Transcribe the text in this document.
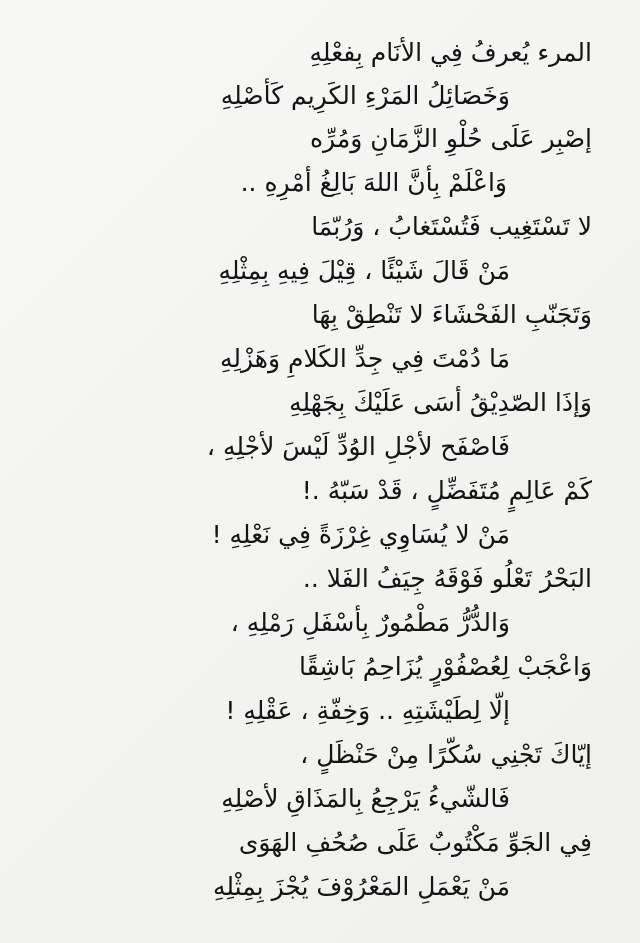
المرء يُعرفُ فِي الأنَام بِفعْلِهِ
وَخَصَائِلُ المَرْءِ الكَرِيم كَأصْلِهِ
إصْبِر عَلَى حُلْوِ الزَّمَانِ وَمُرِّه
وَاعْلَمْ بِأنَّ اللهَ بَالِغُ أمْرِهِ ..
لا تَسْتَغِيب فَتُسْتَغابُ ، وَرُبّمَا
مَنْ قَالَ شَيْئًا ، قِيْلَ فِيهِ بِمِثْلِهِ
وَتَجَنّبِ الفَحْشَاءَ لا تَنْطِقْ بِهَا
مَا دُمْتَ فِي جِدِّ الكَلامِ وَهَزْلِهِ
وَإذَا الصّدِيْقُ أسَى عَلَيْكَ بِجَهْلِهِ
فَاصْفَح لأجْلِ الوُدِّ لَيْسَ لأجْلِهِ ،
كَمْ عَالِمٍ مُتَفَضِّلٍ ، قَدْ سَبّهُ .!
مَنْ لا يُسَاوِي غِرْزَةً فِي نَعْلِهِ !
البَحْرُ تَعْلُو فَوْقَهُ جِيَفُ الفَلا ..
وَالدُّرُّ مَطْمُورٌ بِأسْفَلِ رَمْلِهِ ،
وَاعْجَبْ لِعُصْفُوْرٍ يُزَاحِمُ بَاشِقًا
إلّا لِطَيْشَتِهِ .. وَخِفّةِ ، عَقْلِهِ !
إيّاكَ تَجْنِي سُكّرًا مِنْ حَنْظَلٍ ،
فَالشّيءُ يَرْجِعُ بِالمَذَاقِ لأصْلِهِ
فِي الجَوِّ مَكْتُوبٌ عَلَى صُحُفِ الهَوَى
مَنْ يَعْمَلِ المَعْرُوْفَ يُجْزَ بِمِثْلِهِ
